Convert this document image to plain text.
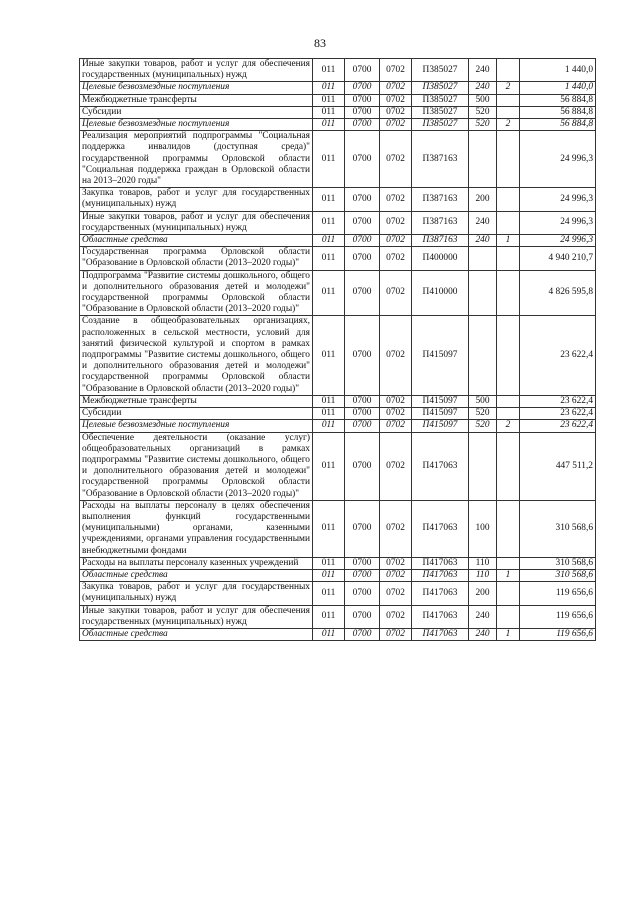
83
Иные закупки товаров, работ и услуг для обеспечения государственных (муниципальных) нужд	011	0700	0702	П385027	240		1 440,0
Целевые безвозмездные поступления	011	0700	0702	П385027	240	2	1 440,0
Межбюджетные трансферты	011	0700	0702	П385027	500		56 884,8
Субсидии	011	0700	0702	П385027	520		56 884,8
Целевые безвозмездные поступления	011	0700	0702	П385027	520	2	56 884,8
Реализация мероприятий подпрограммы "Социальная поддержка инвалидов (доступная среда)" государственной программы Орловской области "Социальная поддержка граждан в Орловской области на 2013–2020 годы"	011	0700	0702	П387163			24 996,3
Закупка товаров, работ и услуг для государственных (муниципальных) нужд	011	0700	0702	П387163	200		24 996,3
Иные закупки товаров, работ и услуг для обеспечения государственных (муниципальных) нужд	011	0700	0702	П387163	240		24 996,3
Областные средства	011	0700	0702	П387163	240	1	24 996,3
Государственная программа Орловской области "Образование в Орловской области (2013–2020 годы)"	011	0700	0702	П400000			4 940 210,7
Подпрограмма "Развитие системы дошкольного, общего и дополнительного образования детей и молодежи" государственной программы Орловской области "Образование в Орловской области (2013–2020 годы)"	011	0700	0702	П410000			4 826 595,8
Создание в общеобразовательных организациях, расположенных в сельской местности, условий для занятий физической культурой и спортом в рамках подпрограммы "Развитие системы дошкольного, общего и дополнительного образования детей и молодежи" государственной программы Орловской области "Образование в Орловской области (2013–2020 годы)"	011	0700	0702	П415097			23 622,4
Межбюджетные трансферты	011	0700	0702	П415097	500		23 622,4
Субсидии	011	0700	0702	П415097	520		23 622,4
Целевые безвозмездные поступления	011	0700	0702	П415097	520	2	23 622,4
Обеспечение деятельности (оказание услуг) общеобразовательных организаций в рамках подпрограммы "Развитие системы дошкольного, общего и дополнительного образования детей и молодежи" государственной программы Орловской области "Образование в Орловской области (2013–2020 годы)"	011	0700	0702	П417063			447 511,2
Расходы на выплаты персоналу в целях обеспечения выполнения функций государственными (муниципальными) органами, казенными учреждениями, органами управления государственными внебюджетными фондами	011	0700	0702	П417063	100		310 568,6
Расходы на выплаты персоналу казенных учреждений	011	0700	0702	П417063	110		310 568,6
Областные средства	011	0700	0702	П417063	110	1	310 568,6
Закупка товаров, работ и услуг для государственных (муниципальных) нужд	011	0700	0702	П417063	200		119 656,6
Иные закупки товаров, работ и услуг для обеспечения государственных (муниципальных) нужд	011	0700	0702	П417063	240		119 656,6
Областные средства	011	0700	0702	П417063	240	1	119 656,6
